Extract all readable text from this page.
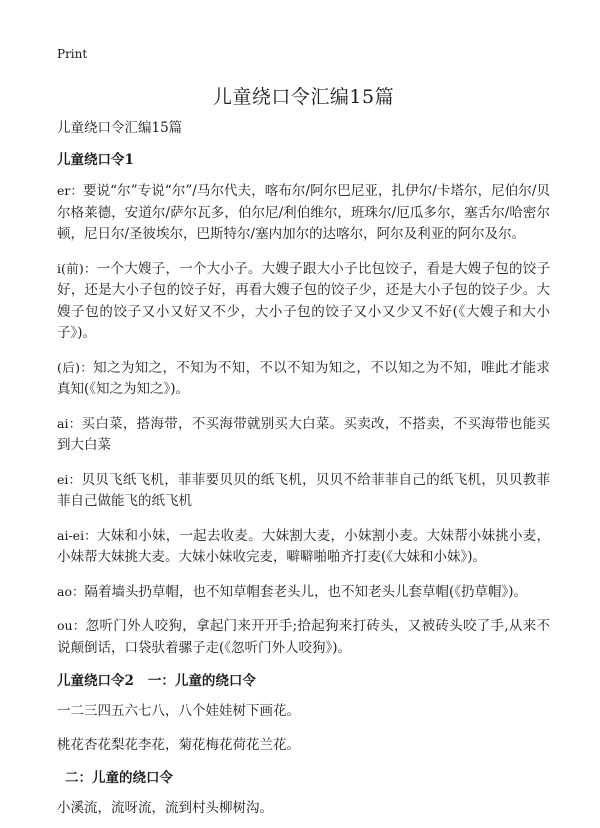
Print

儿童绕口令汇编15篇

儿童绕口令汇编15篇

儿童绕口令1

er：要说“尔”专说“尔”/马尔代夫，喀布尔/阿尔巴尼亚，扎伊尔/卡塔尔，尼伯尔/贝尔格莱德，安道尔/萨尔瓦多，伯尔尼/利伯维尔，班珠尔/厄瓜多尔，塞舌尔/哈密尔顿，尼日尔/圣彼埃尔，巴斯特尔/塞内加尔的达喀尔，阿尔及利亚的阿尔及尔。

i(前)：一个大嫂子，一个大小子。大嫂子跟大小子比包饺子，看是大嫂子包的饺子好，还是大小子包的饺子好，再看大嫂子包的饺子少，还是大小子包的饺子少。大嫂子包的饺子又小又好又不少，大小子包的饺子又小又少又不好(《大嫂子和大小子》)。

(后)：知之为知之，不知为不知，不以不知为知之，不以知之为不知，唯此才能求真知(《知之为知之》)。

ai：买白菜，搭海带，不买海带就别买大白菜。买卖改，不搭卖，不买海带也能买到大白菜

ei：贝贝飞纸飞机，菲菲要贝贝的纸飞机，贝贝不给菲菲自己的纸飞机，贝贝教菲菲自己做能飞的纸飞机

ai-ei：大妹和小妹，一起去收麦。大妹割大麦，小妹割小麦。大妹帮小妹挑小麦，小妹帮大妹挑大麦。大妹小妹收完麦，噼噼啪啪齐打麦(《大妹和小妹》)。

ao：隔着墙头扔草帽，也不知草帽套老头儿，也不知老头儿套草帽(《扔草帽》)。

ou：忽听门外人咬狗，拿起门来开开手;拾起狗来打砖头，又被砖头咬了手,从来不说颠倒话，口袋驮着骡子走(《忽听门外人咬狗》)。

儿童绕口令2 一：儿童的绕口令

一二三四五六七八，八个娃娃树下画花。

桃花杏花梨花李花，菊花梅花荷花兰花。

二：儿童的绕口令

小溪流，流呀流，流到村头柳树沟。
